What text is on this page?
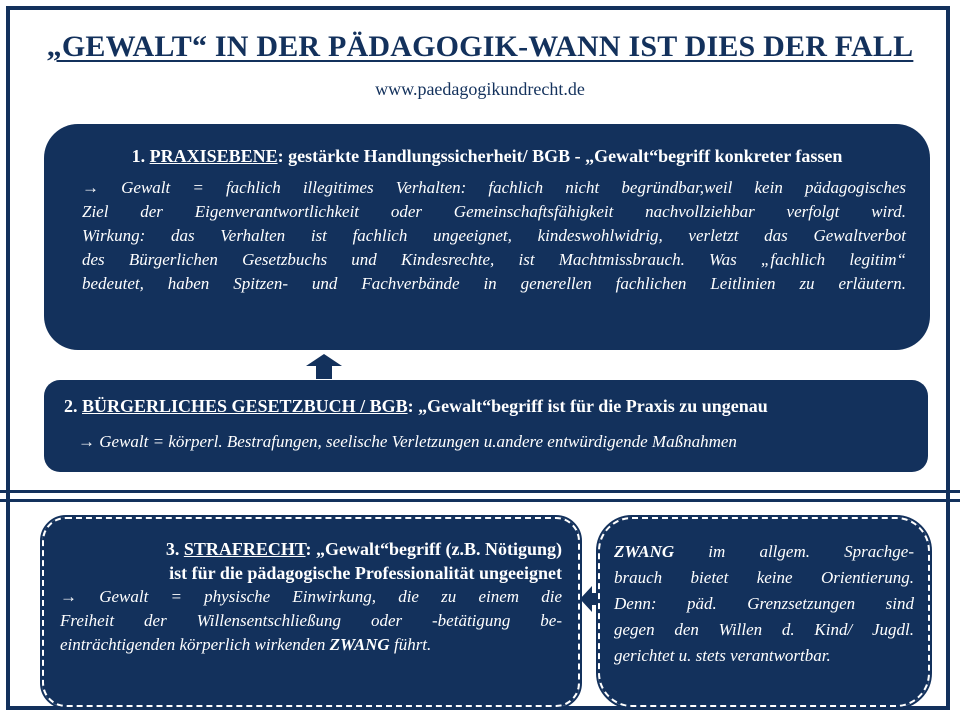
„GEWALT“ IN DER PÄDAGOGIK-WANN IST DIES DER FALL
www.paedagogikundrecht.de
1. PRAXISEBENE: gestärkte Handlungssicherheit/ BGB - „Gewalt“begriff konkreter fassen
→ Gewalt = fachlich illegitimes Verhalten: fachlich nicht begründbar,weil kein pädagogisches
Ziel der Eigenverantwortlichkeit oder Gemeinschaftsfähigkeit nachvollziehbar verfolgt wird.
Wirkung: das Verhalten ist fachlich ungeeignet, kindeswohlwidrig, verletzt das Gewaltverbot
des Bürgerlichen Gesetzbuchs und Kindesrechte, ist Machtmissbrauch. Was „fachlich legitim“
bedeutet, haben Spitzen- und Fachverbände in generellen fachlichen Leitlinien zu erläutern.
2. BÜRGERLICHES GESETZBUCH / BGB: „Gewalt“begriff ist für die Praxis zu ungenau
→ Gewalt = körperl. Bestrafungen, seelische Verletzungen u.andere entwürdigende Maßnahmen
3. STRAFRECHT: „Gewalt“begriff (z.B. Nötigung)
ist für die pädagogische Professionalität ungeeignet
→ Gewalt = physische Einwirkung, die zu einem die
Freiheit der Willensentschließung oder -betätigung be-
einträchtigenden körperlich wirkenden ZWANG führt.
ZWANG im allgem. Sprachge-
brauch bietet keine Orientierung.
Denn: päd. Grenzsetzungen sind
gegen den Willen d. Kind/ Jugdl.
gerichtet u. stets verantwortbar.
